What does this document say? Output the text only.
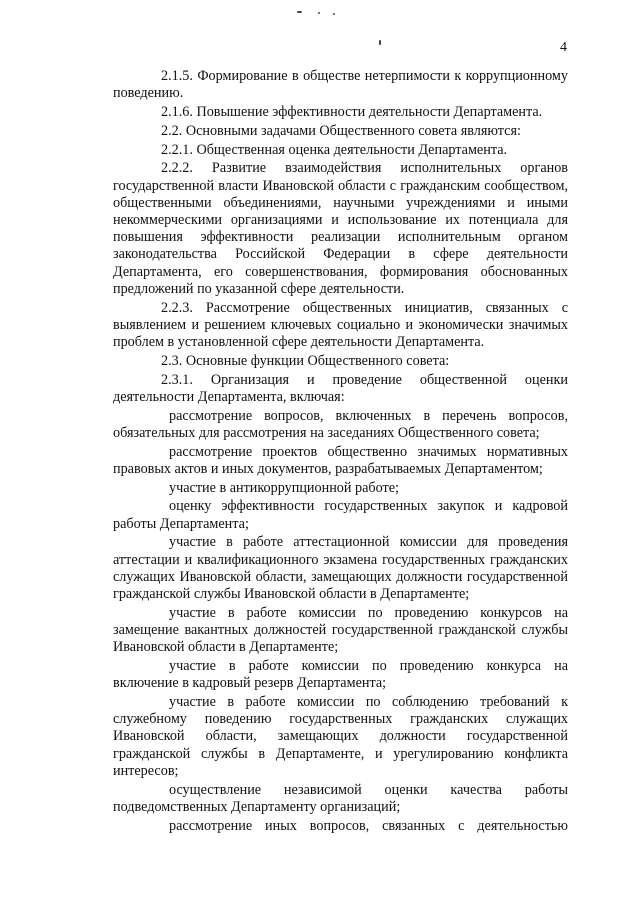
4

2.1.5. Формирование в обществе нетерпимости к коррупционному поведению.

2.1.6. Повышение эффективности деятельности Департамента.

2.2. Основными задачами Общественного совета являются:

2.2.1. Общественная оценка деятельности Департамента.

2.2.2. Развитие взаимодействия исполнительных органов государственной власти Ивановской области с гражданским сообществом, общественными объединениями, научными учреждениями и иными некоммерческими организациями и использование их потенциала для повышения эффективности реализации исполнительным органом законодательства Российской Федерации в сфере деятельности Департамента, его совершенствования, формирования обоснованных предложений по указанной сфере деятельности.

2.2.3. Рассмотрение общественных инициатив, связанных с выявлением и решением ключевых социально и экономически значимых проблем в установленной сфере деятельности Департамента.

2.3. Основные функции Общественного совета:

2.3.1. Организация и проведение общественной оценки деятельности Департамента, включая:

рассмотрение вопросов, включенных в перечень вопросов, обязательных для рассмотрения на заседаниях Общественного совета;

рассмотрение проектов общественно значимых нормативных правовых актов и иных документов, разрабатываемых Департаментом;

участие в антикоррупционной работе;

оценку эффективности государственных закупок и кадровой работы Департамента;

участие в работе аттестационной комиссии для проведения аттестации и квалификационного экзамена государственных гражданских служащих Ивановской области, замещающих должности государственной гражданской службы Ивановской области в Департаменте;

участие в работе комиссии по проведению конкурсов на замещение вакантных должностей государственной гражданской службы Ивановской области в Департаменте;

участие в работе комиссии по проведению конкурса на включение в кадровый резерв Департамента;

участие в работе комиссии по соблюдению требований к служебному поведению государственных гражданских служащих Ивановской области, замещающих должности государственной гражданской службы в Департаменте, и урегулированию конфликта интересов;

осуществление независимой оценки качества работы подведомственных Департаменту организаций;

рассмотрение иных вопросов, связанных с деятельностью
